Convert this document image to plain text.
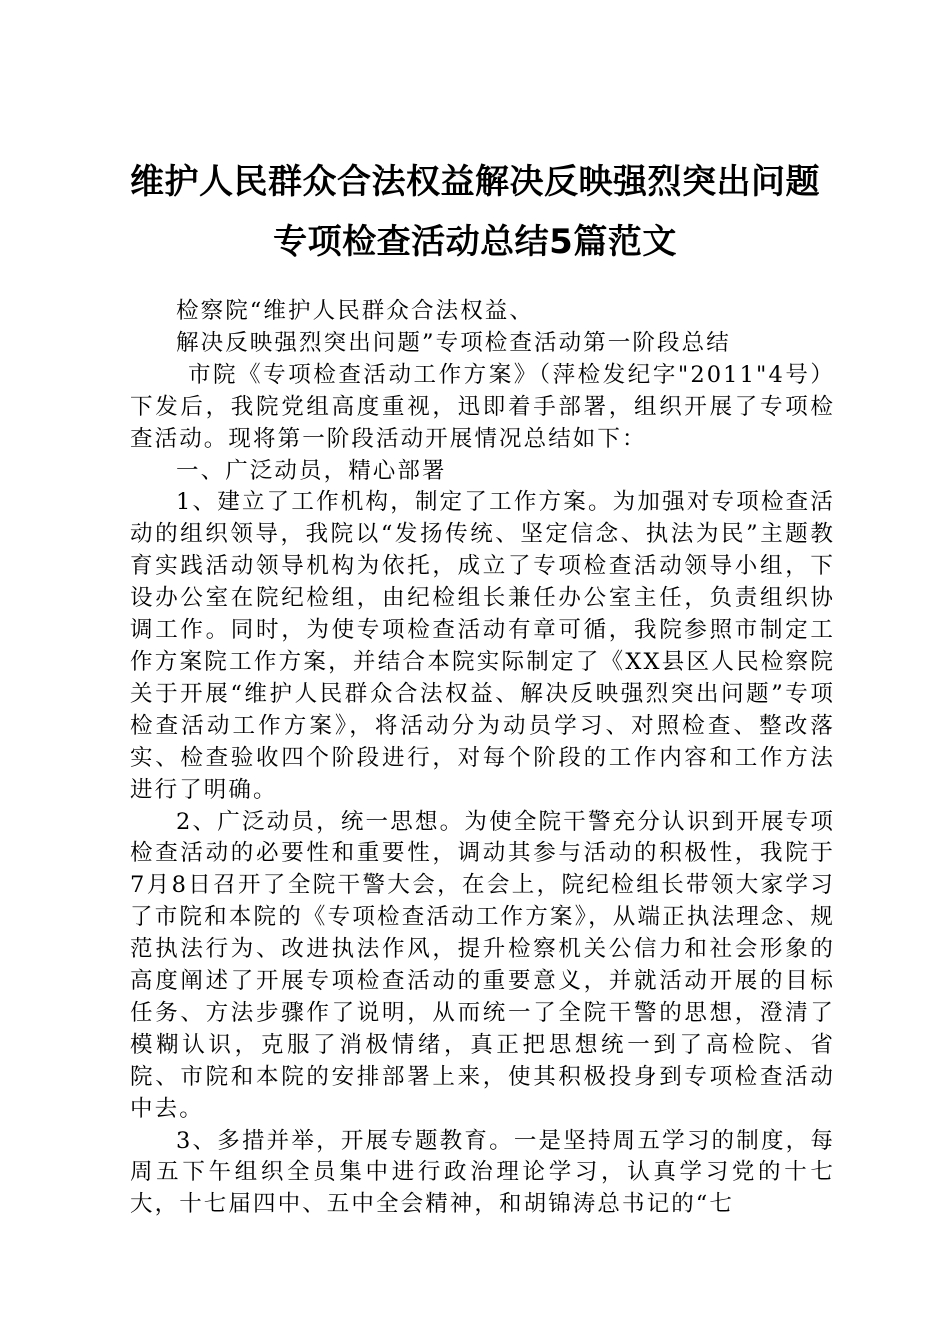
维护人民群众合法权益解决反映强烈突出问题
专项检查活动总结5篇范文

检察院“维护人民群众合法权益、

解决反映强烈突出问题”专项检查活动第一阶段总结

市院《专项检查活动工作方案》（萍检发纪字"2011"4号）下发后，我院党组高度重视，迅即着手部署，组织开展了专项检查活动。现将第一阶段活动开展情况总结如下：

一、广泛动员，精心部署

1、建立了工作机构，制定了工作方案。为加强对专项检查活动的组织领导，我院以“发扬传统、坚定信念、执法为民”主题教育实践活动领导机构为依托，成立了专项检查活动领导小组，下设办公室在院纪检组，由纪检组长兼任办公室主任，负责组织协调工作。同时，为使专项检查活动有章可循，我院参照市制定工作方案院工作方案，并结合本院实际制定了《XX县区人民检察院关于开展“维护人民群众合法权益、解决反映强烈突出问题”专项检查活动工作方案》，将活动分为动员学习、对照检查、整改落实、检查验收四个阶段进行，对每个阶段的工作内容和工作方法进行了明确。

2、广泛动员，统一思想。为使全院干警充分认识到开展专项检查活动的必要性和重要性，调动其参与活动的积极性，我院于7月8日召开了全院干警大会，在会上，院纪检组长带领大家学习了市院和本院的《专项检查活动工作方案》，从端正执法理念、规范执法行为、改进执法作风，提升检察机关公信力和社会形象的高度阐述了开展专项检查活动的重要意义，并就活动开展的目标任务、方法步骤作了说明，从而统一了全院干警的思想，澄清了模糊认识，克服了消极情绪，真正把思想统一到了高检院、省院、市院和本院的安排部署上来，使其积极投身到专项检查活动中去。

3、多措并举，开展专题教育。一是坚持周五学习的制度，每周五下午组织全员集中进行政治理论学习，认真学习党的十七大，十七届四中、五中全会精神，和胡锦涛总书记的“七
